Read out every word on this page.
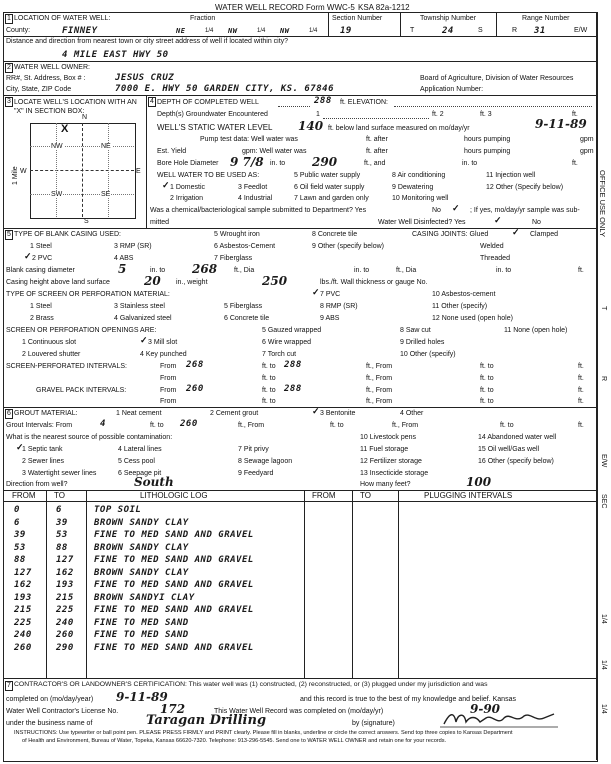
WATER WELL RECORD Form WWC-5 KSA 82a-1212
1 LOCATION OF WATER WELL:	Fraction	Section Number	Township Number	Range Number
County:	FINNEY	NE	1/4 NW	1/4 NW	1/4	19	T	24	S	R 31	E/W
Distance and direction from nearest town or city street address of well if located within city?
4 MILE EAST HWY 50
2 WATER WELL OWNER:
RR#, St. Address, Box # :	JESUS CRUZ	Board of Agriculture, Division of Water Resources
City, State, ZIP Code	7000 E. HWY 50 GARDEN CITY, KS. 67846	Application Number:
3 LOCATE WELL'S LOCATION WITH AN "X" IN SECTION BOX:
N
S
W	E
1 Mile
NW	NE
SW	SE
X
4 DEPTH OF COMPLETED WELL	288 ft. ELEVATION:
Depth(s) Groundwater Encountered	1	ft. 2	ft. 3	ft.
WELL'S STATIC WATER LEVEL 140 ft. below land surface measured on mo/day/yr	9-11-89
Pump test data: Well water was	ft. after	hours pumping	gpm
Est. Yield	gpm: Well water was	ft. after	hours pumping	gpm
Bore Hole Diameter 9 7/8 in. to 290	ft., and	in. to	ft.
WELL WATER TO BE USED AS:	5 Public water supply	8 Air conditioning	11 Injection well
✓ 1 Domestic	3 Feedlot	6 Oil field water supply	9 Dewatering	12 Other (Specify below)
2 Irrigation	4 Industrial	7 Lawn and garden only	10 Monitoring well
Was a chemical/bacteriological sample submitted to Department? Yes	No ✓ ; If yes, mo/day/yr sample was sub-
mitted	Water Well Disinfected? Yes	✓	No
5 TYPE OF BLANK CASING USED:	5 Wrought iron	8 Concrete tile	CASING JOINTS: Glued	✓ Clamped
1 Steel	3 RMP (SR)	6 Asbestos-Cement	9 Other (specify below)	Welded
✓ 2 PVC	4 ABS	7 Fiberglass	Threaded
Blank casing diameter	5	in. to 268 ft., Dia	in. to	ft., Dia	in. to	ft.
Casing height above land surface	20 in., weight	250	lbs./ft. Wall thickness or gauge No.
TYPE OF SCREEN OR PERFORATION MATERIAL:	✓ 7 PVC	10 Asbestos-cement
1 Steel	3 Stainless steel	5 Fiberglass	8 RMP (SR)	11 Other (specify)
2 Brass	4 Galvanized steel	6 Concrete tile	9 ABS	12 None used (open hole)
SCREEN OR PERFORATION OPENINGS ARE:	5 Gauzed wrapped	8 Saw cut	11 None (open hole)
1 Continuous slot	✓ 3 Mill slot	6 Wire wrapped	9 Drilled holes
2 Louvered shutter	4 Key punched	7 Torch cut	10 Other (specify)
SCREEN-PERFORATED INTERVALS:	From 268	ft. to 288	ft., From	ft. to	ft.
From	ft. to	ft., From	ft. to	ft.
GRAVEL PACK INTERVALS:	From 260	ft. to 288	ft., From	ft. to	ft.
From	ft. to	ft., From	ft. to	ft.
6 GROUT MATERIAL:	1 Neat cement	2 Cement grout	✓ 3 Bentonite	4 Other
Grout Intervals: From	4	ft. to 260	ft., From	ft. to	ft., From	ft. to	ft.
What is the nearest source of possible contamination:	10 Livestock pens	14 Abandoned water well
✓
1 Septic tank	4 Lateral lines	7 Pit privy	11 Fuel storage	15 Oil well/Gas well
2 Sewer lines	5 Cess pool	8 Sewage lagoon	12 Fertilizer storage	16 Other (specify below)
3 Watertight sewer lines	6 Seepage pit	9 Feedyard	13 Insecticide storage
Direction from well?	South	How many feet?	100
FROM TO	LITHOLOGIC LOG	FROM	TO	PLUGGING INTERVALS
0	6	TOP SOIL
6	39	BROWN SANDY CLAY
39	53	FINE TO MED SAND AND GRAVEL
53	88	BROWN SANDY CLAY
88	127 FINE TO MED SAND AND GRAVEL
127	162 BROWN SANDY CLAY
162	193 FINE TO MED SAND AND GRAVEL
193	215 BROWN SANDYI CLAY
215	225 FINE TO MED SAND AND GRAVEL
225	240 FINE TO MED SAND
240	260 FINE TO MED SAND
260	290 FINE TO MED SAND AND GRAVEL
7 CONTRACTOR'S OR LANDOWNER'S CERTIFICATION: This water well was (1) constructed, (2) reconstructed, or (3) plugged under my jurisdiction and was
completed on (mo/day/year) 9-11-89	and this record is true to the best of my knowledge and belief. Kansas
Water Well Contractor's License No.	172	This Water Well Record was completed on (mo/day/yr)	9-90
under the business name of	Taragan Drilling	by (signature)
INSTRUCTIONS: Use typewriter or ball point pen. PLEASE PRESS FIRMLY and PRINT clearly. Please fill in blanks, underline or circle the correct answers. Send top three copies to Kansas Department
of Health and Environment, Bureau of Water, Topeka, Kansas 66620-7320. Telephone: 913-296-5545. Send one to WATER WELL OWNER and retain one for your records.
OFFICE USE ONLY
T
R
E/W
SEC
1/4
1/4
1/4
